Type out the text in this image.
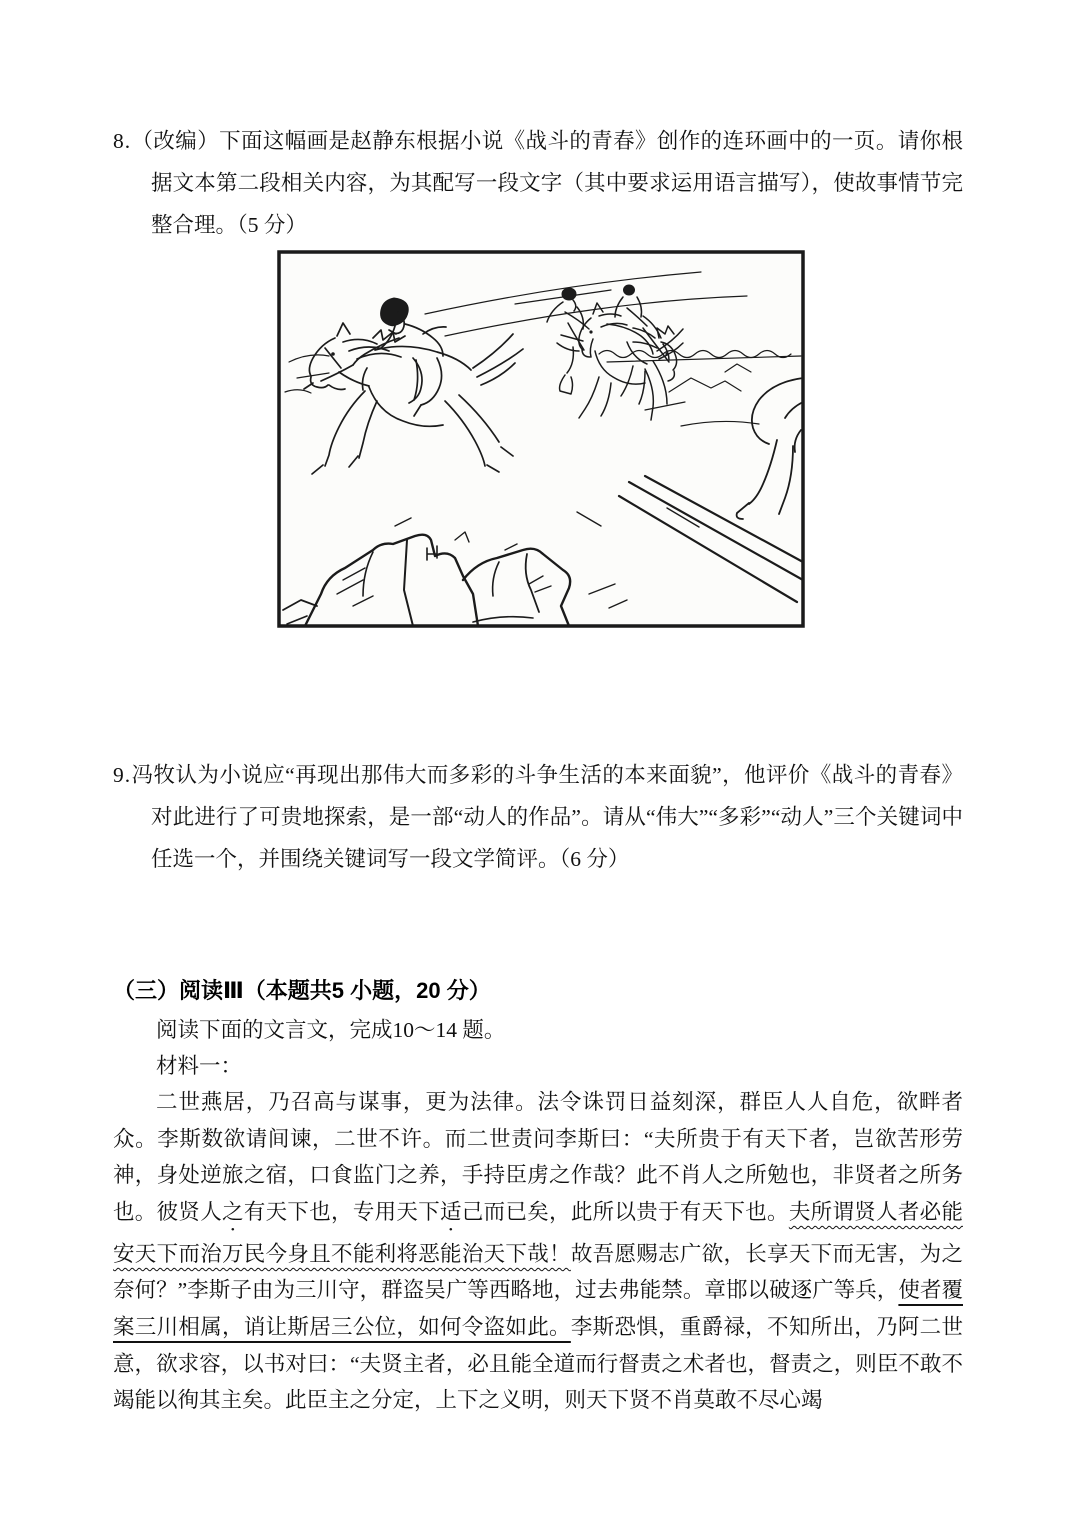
8.（改编）下面这幅画是赵静东根据小说《战斗的青春》创作的连环画中的一页。请你根据文本第二段相关内容，为其配写一段文字（其中要求运用语言描写），使故事情节完整合理。（5 分）

9.冯牧认为小说应“再现出那伟大而多彩的斗争生活的本来面貌”，他评价《战斗的青春》对此进行了可贵地探索，是一部“动人的作品”。请从“伟大”“多彩”“动人”三个关键词中任选一个，并围绕关键词写一段文学简评。（6 分）

（三）阅读Ⅲ（本题共5 小题，20 分）

阅读下面的文言文，完成10～14 题。

材料一：

二世燕居，乃召高与谋事，更为法律。法令诛罚日益刻深，群臣人人自危，欲畔者众。李斯数欲请间谏，二世不许。而二世责问李斯曰：“夫所贵于有天下者，岂欲苦形劳神，身处逆旅之宿，口食监门之养，手持臣虏之作哉？此不肖人之所勉也，非贤者之所务也。彼贤人之有天下也，专用天下适己而已矣，此所以贵于有天下也。夫所谓贤人者必能安天下而治万民今身且不能利将恶能治天下哉！故吾愿赐志广欲，长享天下而无害，为之奈何？”李斯子由为三川守，群盗吴广等西略地，过去弗能禁。章邯以破逐广等兵，使者覆案三川相属，诮让斯居三公位，如何令盗如此。李斯恐惧，重爵禄，不知所出，乃阿二世意，欲求容，以书对曰：“夫贤主者，必且能全道而行督责之术者也，督责之，则臣不敢不竭能以徇其主矣。此臣主之分定，上下之义明，则天下贤不肖莫敢不尽心竭
